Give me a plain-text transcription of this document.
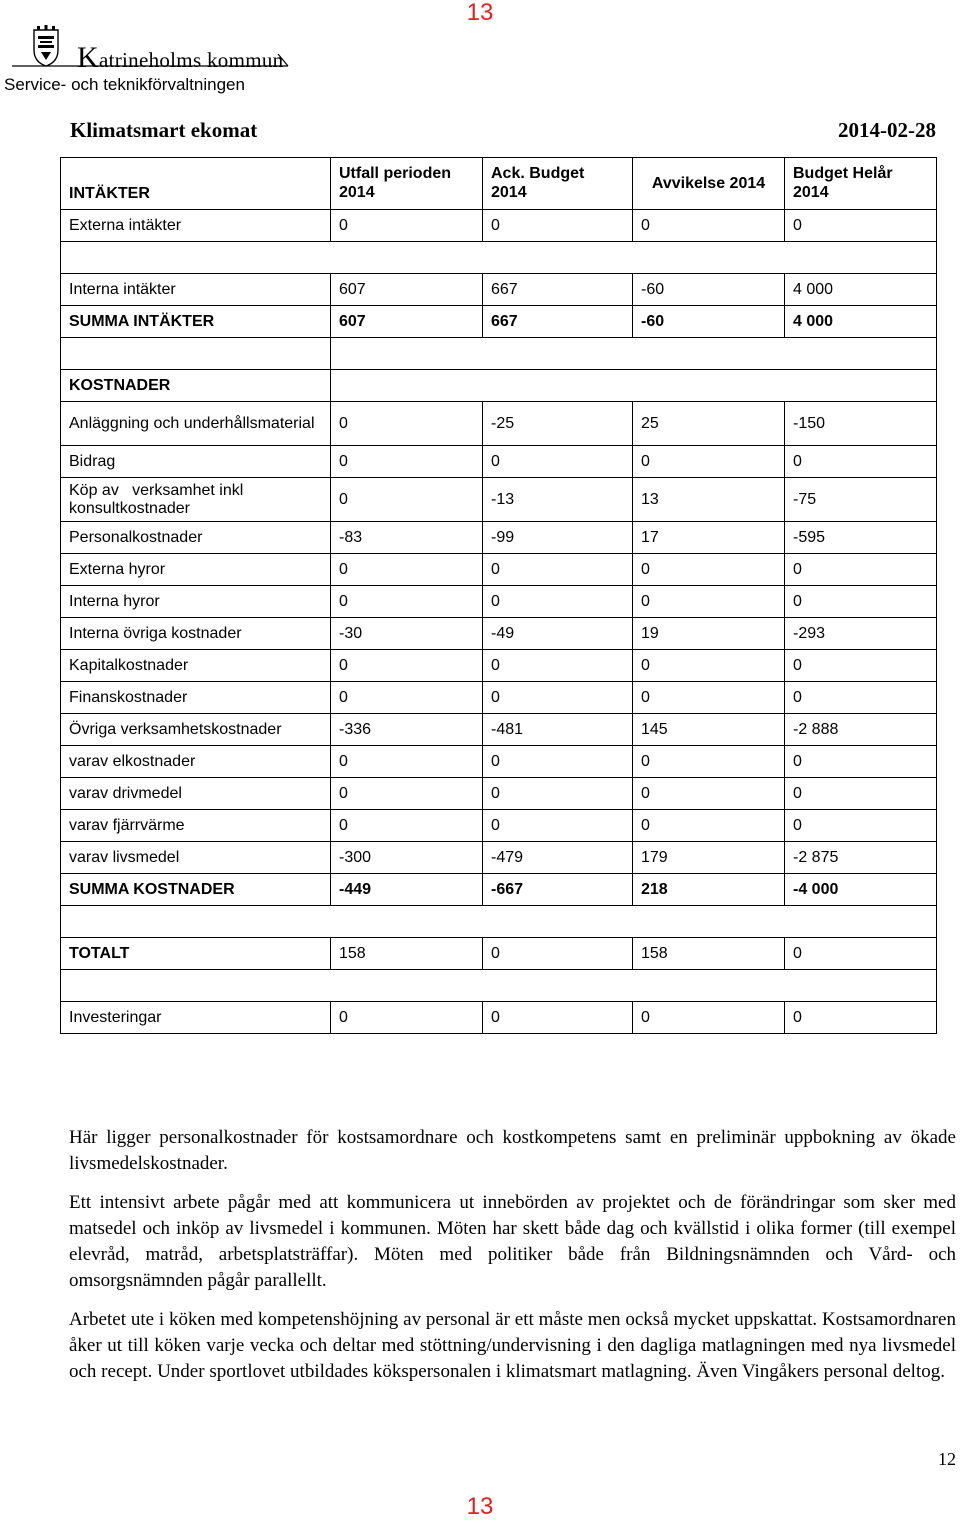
13
Katrineholms kommun
Service- och teknikförvaltningen
Klimatsmart ekomat	2014-02-28
INTÄKTER	Utfall perioden 2014	Ack. Budget 2014	Avvikelse 2014	Budget Helår 2014

Externa intäkter	0	0	0	0

Interna intäkter	607	667	-60	4 000
SUMMA INTÄKTER	607	667	-60	4 000

KOSTNADER				
Anläggning och underhållsmaterial	0	-25	25	-150
Bidrag	0	0	0	0
Köp av   verksamhet inkl konsultkostnader	0	-13	13	-75
Personalkostnader	-83	-99	17	-595
Externa hyror	0	0	0	0
Interna hyror	0	0	0	0
Interna övriga kostnader	-30	-49	19	-293
Kapitalkostnader	0	0	0	0
Finanskostnader	0	0	0	0
Övriga verksamhetskostnader	-336	-481	145	-2 888
varav elkostnader	0	0	0	0
varav drivmedel	0	0	0	0
varav fjärrvärme	0	0	0	0
varav livsmedel	-300	-479	179	-2 875
SUMMA KOSTNADER	-449	-667	218	-4 000

TOTALT	158	0	158	0

Investeringar	0	0	0	0

Här ligger personalkostnader för kostsamordnare och kostkompetens samt en preliminär uppbokning av ökade livsmedelskostnader.

Ett intensivt arbete pågår med att kommunicera ut innebörden av projektet och de förändringar som sker med matsedel och inköp av livsmedel i kommunen. Möten har skett både dag och kvällstid i olika former (till exempel elevråd, matråd, arbetsplatsträffar). Möten med politiker både från Bildningsnämnden och Vård- och omsorgsnämnden pågår parallellt.

Arbetet ute i köken med kompetenshöjning av personal är ett måste men också mycket uppskattat. Kostsamordnaren åker ut till köken varje vecka och deltar med stöttning/undervisning i den dagliga matlagningen med nya livsmedel och recept. Under sportlovet utbildades kökspersonalen i klimatsmart matlagning. Även Vingåkers personal deltog.

12
13
